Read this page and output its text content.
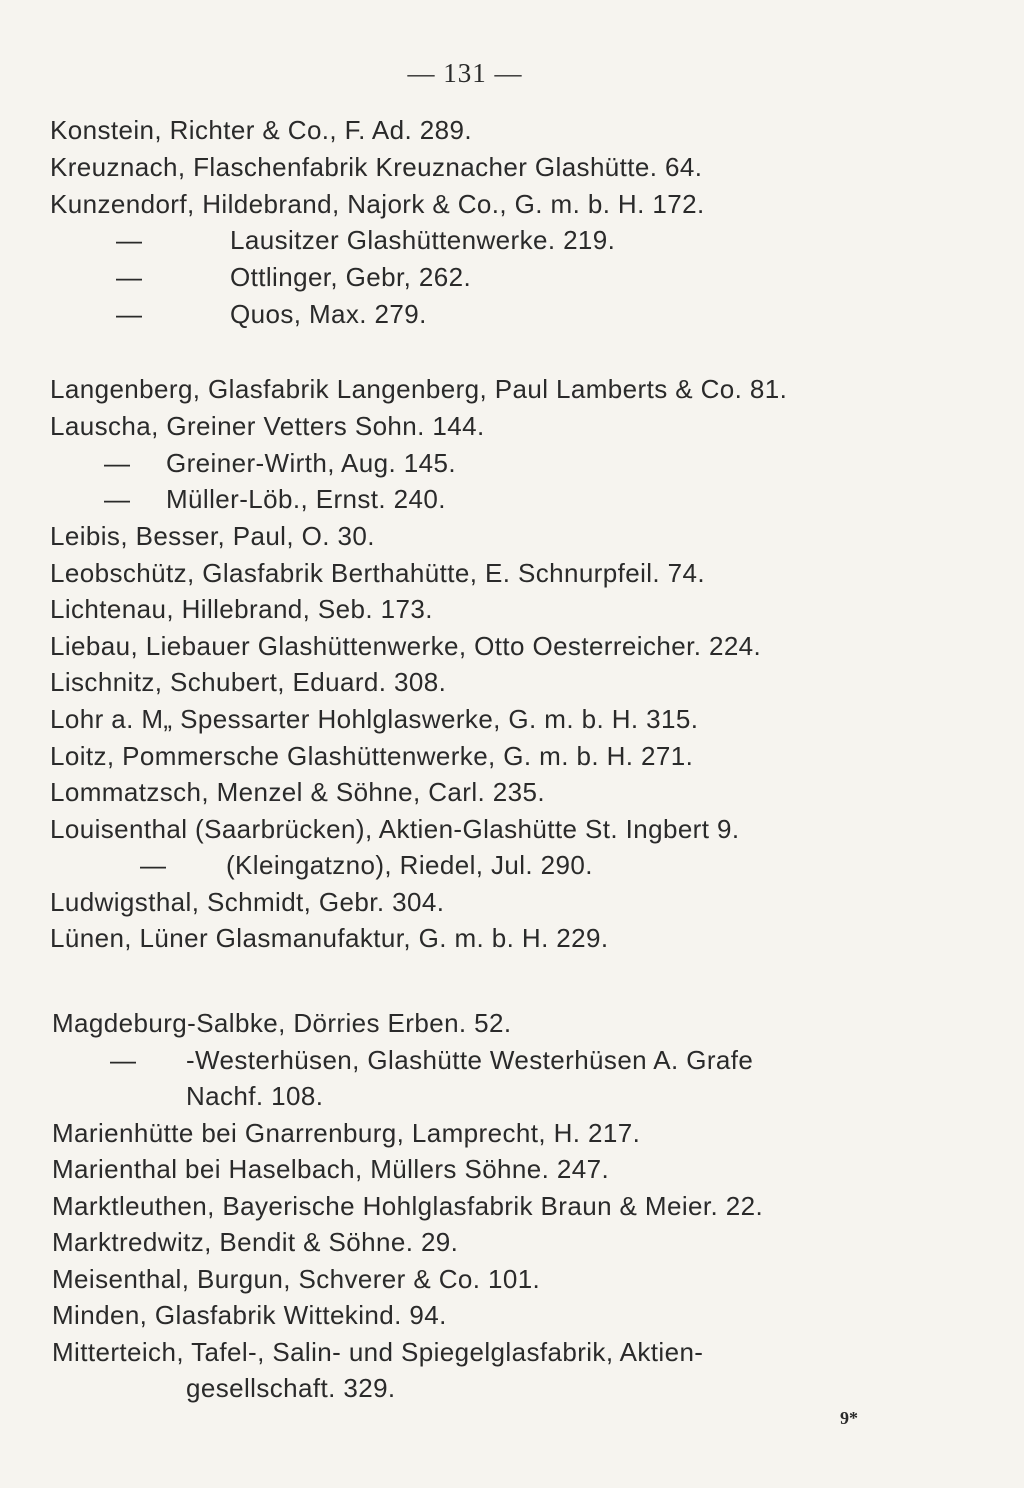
— 131 —
Konstein, Richter & Co., F. Ad. 289.
Kreuznach, Flaschenfabrik Kreuznacher Glashütte. 64.
Kunzendorf, Hildebrand, Najork & Co., G. m. b. H. 172.
—	Lausitzer Glashüttenwerke. 219.
—	Ottlinger, Gebr, 262.
—	Quos, Max. 279.
Langenberg, Glasfabrik Langenberg, Paul Lamberts & Co. 81.
Lauscha, Greiner Vetters Sohn. 144.
— Greiner-Wirth, Aug. 145.
— Müller-Löb., Ernst. 240.
Leibis, Besser, Paul, O. 30.
Leobschütz, Glasfabrik Berthahütte, E. Schnurpfeil. 74.
Lichtenau, Hillebrand, Seb. 173.
Liebau, Liebauer Glashüttenwerke, Otto Oesterreicher. 224.
Lischnitz, Schubert, Eduard. 308.
Lohr a. M„ Spessarter Hohlglaswerke, G. m. b. H. 315.
Loitz, Pommersche Glashüttenwerke, G. m. b. H. 271.
Lommatzsch, Menzel & Söhne, Carl. 235.
Louisenthal (Saarbrücken), Aktien-Glashütte St. Ingbert 9.
— (Kleingatzno), Riedel, Jul. 290.
Ludwigsthal, Schmidt, Gebr. 304.
Lünen, Lüner Glasmanufaktur, G. m. b. H. 229.
Magdeburg-Salbke, Dörries Erben. 52.
— -Westerhüsen, Glashütte Westerhüsen A. Grafe
Nachf. 108.
Marienhütte bei Gnarrenburg, Lamprecht, H. 217.
Marienthal bei Haselbach, Müllers Söhne. 247.
Marktleuthen, Bayerische Hohlglasfabrik Braun & Meier. 22.
Marktredwitz, Bendit & Söhne. 29.
Meisenthal, Burgun, Schverer & Co. 101.
Minden, Glasfabrik Wittekind. 94.
Mitterteich, Tafel-, Salin- und Spiegelglasfabrik, Aktien-
gesellschaft. 329.
9*
